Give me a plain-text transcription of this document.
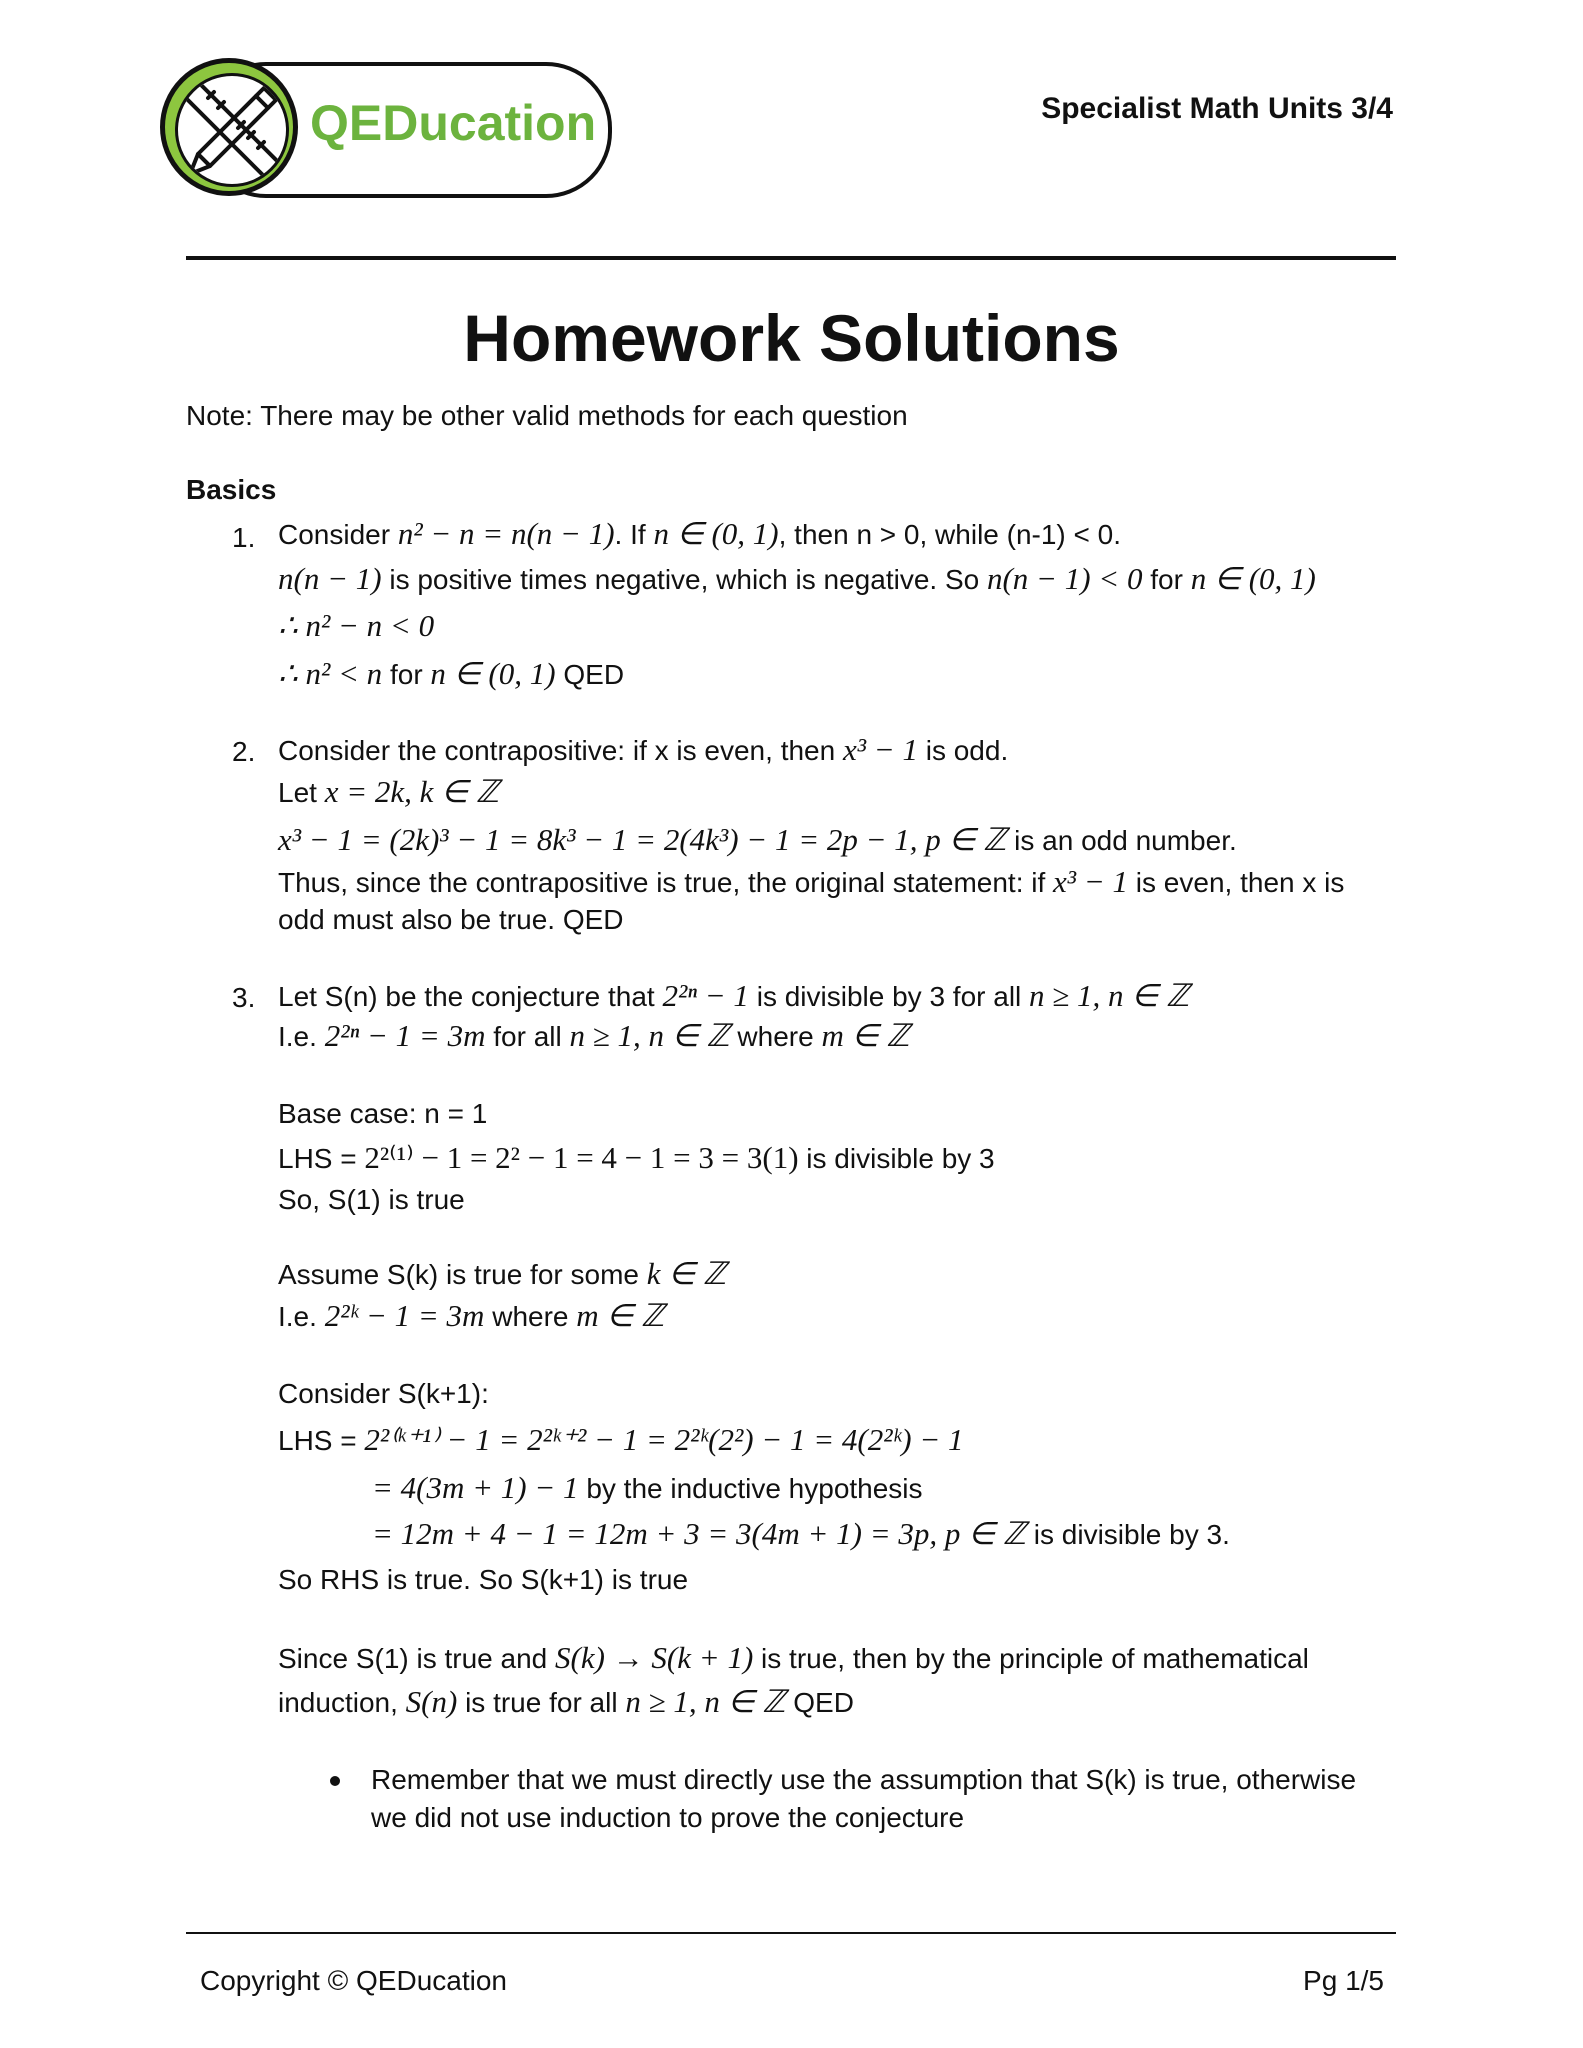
QEDucation	Specialist Math Units 3/4
Homework Solutions
Note: There may be other valid methods for each question
Basics
1. Consider n² − n = n(n − 1). If n ∈ (0, 1), then n > 0, while (n-1) < 0.
n(n − 1) is positive times negative, which is negative. So n(n − 1) < 0 for n ∈ (0, 1)
∴ n² − n < 0
∴ n² < n for n ∈ (0, 1) QED
2. Consider the contrapositive: if x is even, then x³ − 1 is odd.
Let x = 2k, k ∈ ℤ
x³ − 1 = (2k)³ − 1 = 8k³ − 1 = 2(4k³) − 1 = 2p − 1, p ∈ ℤ is an odd number.
Thus, since the contrapositive is true, the original statement: if x³ − 1 is even, then x is
odd must also be true. QED
3. Let S(n) be the conjecture that 2²ⁿ − 1 is divisible by 3 for all n ≥ 1, n ∈ ℤ
I.e. 2²ⁿ − 1 = 3m for all n ≥ 1, n ∈ ℤ where m ∈ ℤ
Base case: n = 1
LHS = 2²⁽¹⁾ − 1 = 2² − 1 = 4 − 1 = 3 = 3(1) is divisible by 3
So, S(1) is true
Assume S(k) is true for some k ∈ ℤ
I.e. 2²ᵏ − 1 = 3m where m ∈ ℤ
Consider S(k+1):
LHS = 2²⁽ᵏ⁺¹⁾ − 1 = 2²ᵏ⁺² − 1 = 2²ᵏ(2²) − 1 = 4(2²ᵏ) − 1
= 4(3m + 1) − 1 by the inductive hypothesis
= 12m + 4 − 1 = 12m + 3 = 3(4m + 1) = 3p, p ∈ ℤ is divisible by 3.
So RHS is true. So S(k+1) is true
Since S(1) is true and S(k) → S(k + 1) is true, then by the principle of mathematical
induction, S(n) is true for all n ≥ 1, n ∈ ℤ QED
Remember that we must directly use the assumption that S(k) is true, otherwise
we did not use induction to prove the conjecture
Copyright © QEDucation	Pg 1/5
